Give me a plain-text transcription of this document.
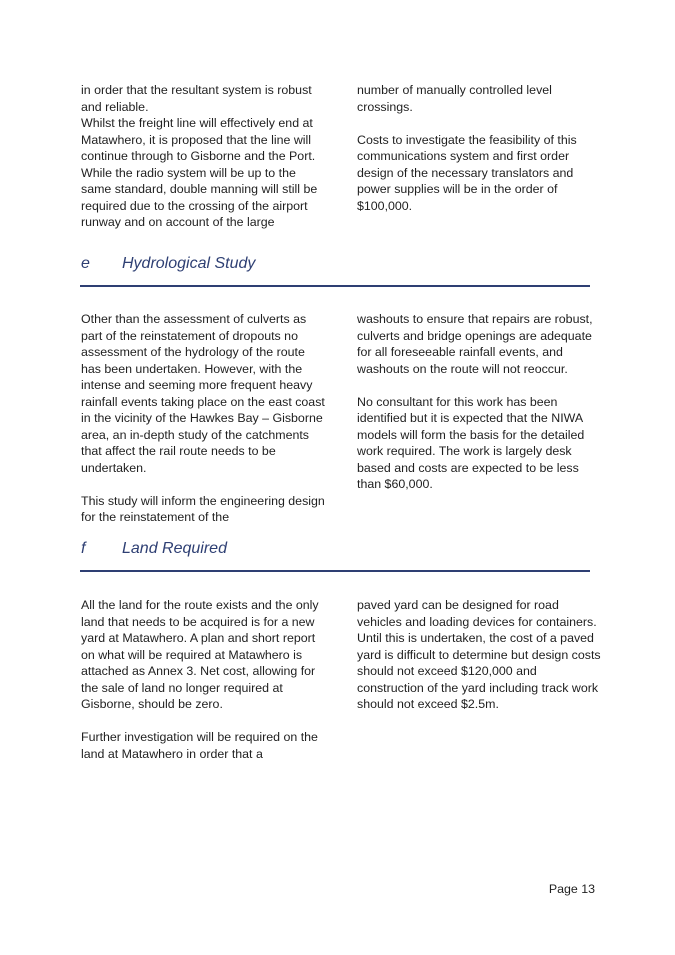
in order that the resultant system is robust and reliable.

Whilst the freight line will effectively end at Matawhero, it is proposed that the line will continue through to Gisborne and the Port. While the radio system will be up to the same standard, double manning will still be required due to the crossing of the airport runway and on account of the large

number of manually controlled level crossings.

Costs to investigate the feasibility of this communications system and first order design of the necessary translators and power supplies will be in the order of $100,000.

e Hydrological Study

Other than the assessment of culverts as part of the reinstatement of dropouts no assessment of the hydrology of the route has been undertaken. However, with the intense and seeming more frequent heavy rainfall events taking place on the east coast in the vicinity of the Hawkes Bay – Gisborne area, an in-depth study of the catchments that affect the rail route needs to be undertaken.

This study will inform the engineering design for the reinstatement of the

washouts to ensure that repairs are robust, culverts and bridge openings are adequate for all foreseeable rainfall events, and washouts on the route will not reoccur.

No consultant for this work has been identified but it is expected that the NIWA models will form the basis for the detailed work required. The work is largely desk based and costs are expected to be less than $60,000.

f Land Required

All the land for the route exists and the only land that needs to be acquired is for a new yard at Matawhero. A plan and short report on what will be required at Matawhero is attached as Annex 3. Net cost, allowing for the sale of land no longer required at Gisborne, should be zero.

Further investigation will be required on the land at Matawhero in order that a

paved yard can be designed for road vehicles and loading devices for containers. Until this is undertaken, the cost of a paved yard is difficult to determine but design costs should not exceed $120,000 and construction of the yard including track work should not exceed $2.5m.

Page 13
